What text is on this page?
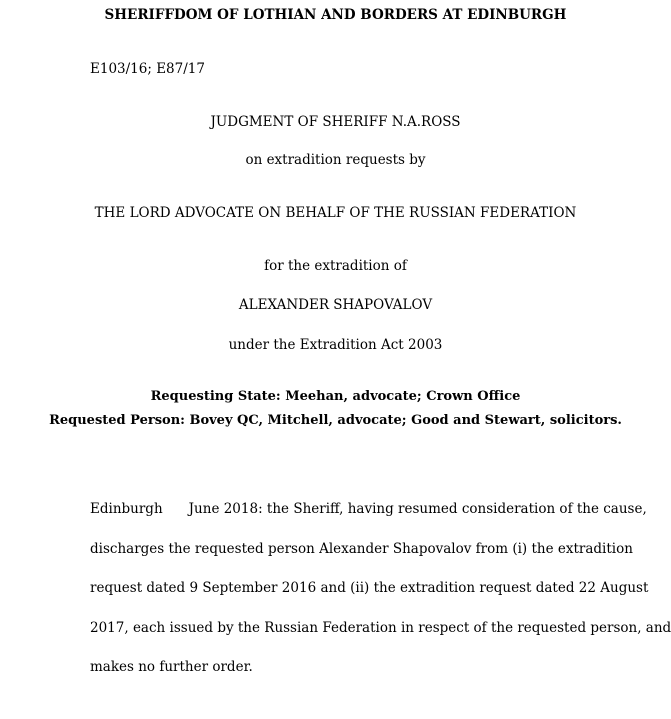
SHERIFFDOM OF LOTHIAN AND BORDERS AT EDINBURGH
E103/16; E87/17
JUDGMENT OF SHERIFF N.A.ROSS
on extradition requests by
THE LORD ADVOCATE ON BEHALF OF THE RUSSIAN FEDERATION
for the extradition of
ALEXANDER SHAPOVALOV
under the Extradition Act 2003
Requesting State: Meehan, advocate; Crown Office
Requested Person: Bovey QC, Mitchell, advocate; Good and Stewart, solicitors.
Edinburgh June 2018: the Sheriff, having resumed consideration of the cause,
discharges the requested person Alexander Shapovalov from (i) the extradition
request dated 9 September 2016 and (ii) the extradition request dated 22 August
2017, each issued by the Russian Federation in respect of the requested person, and
makes no further order.
